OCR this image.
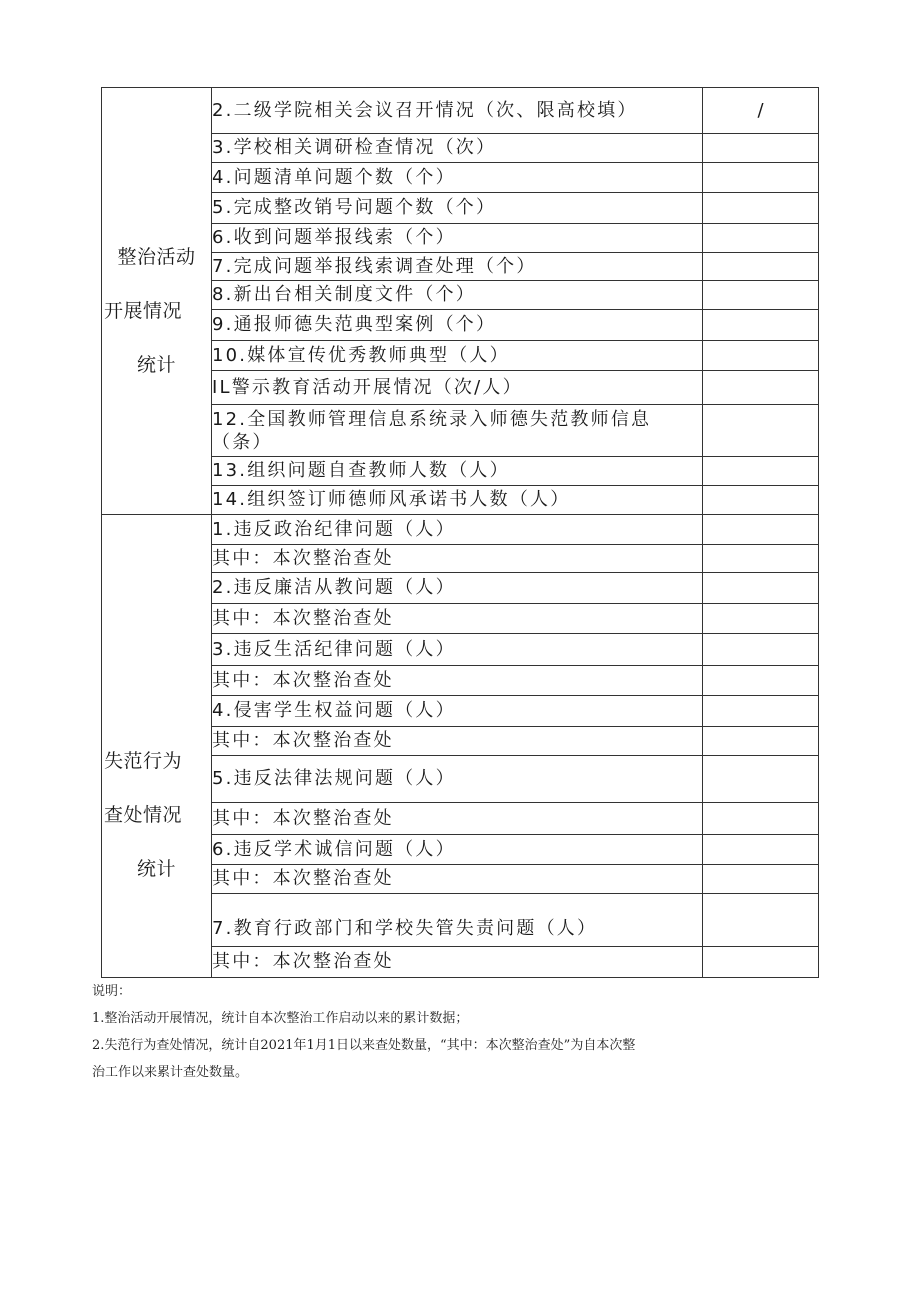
整治活动
开展情况
统计	2.二级学院相关会议召开情况（次、限高校填）	/
	3.学校相关调研检查情况（次）	
	4.问题清单问题个数（个）	
	5.完成整改销号问题个数（个）	
	6.收到问题举报线索（个）	
	7.完成问题举报线索调查处理（个）	
	8.新出台相关制度文件（个）	
	9.通报师德失范典型案例（个）	
	10.媒体宣传优秀教师典型（人）	
	IL警示教育活动开展情况（次/人）	
	12.全国教师管理信息系统录入师德失范教师信息（条）	
	13.组织问题自查教师人数（人）	
	14.组织签订师德师风承诺书人数（人）	

失范行为
查处情况
统计	1.违反政治纪律问题（人）	
	其中：本次整治查处	
	2.违反廉洁从教问题（人）	
	其中：本次整治查处	
	3.违反生活纪律问题（人）	
	其中：本次整治查处	
	4.侵害学生权益问题（人）	
	其中：本次整治查处	
	5.违反法律法规问题（人）	
	其中：本次整治查处	
	6.违反学术诚信问题（人）	
	其中：本次整治查处	
	7.教育行政部门和学校失管失责问题（人）	
	其中：本次整治查处	
说明：
1.整治活动开展情况，统计自本次整治工作启动以来的累计数据；
2.失范行为查处情况，统计自2021年1月1日以来查处数量，“其中：本次整治查处”为自本次整
治工作以来累计查处数量。
